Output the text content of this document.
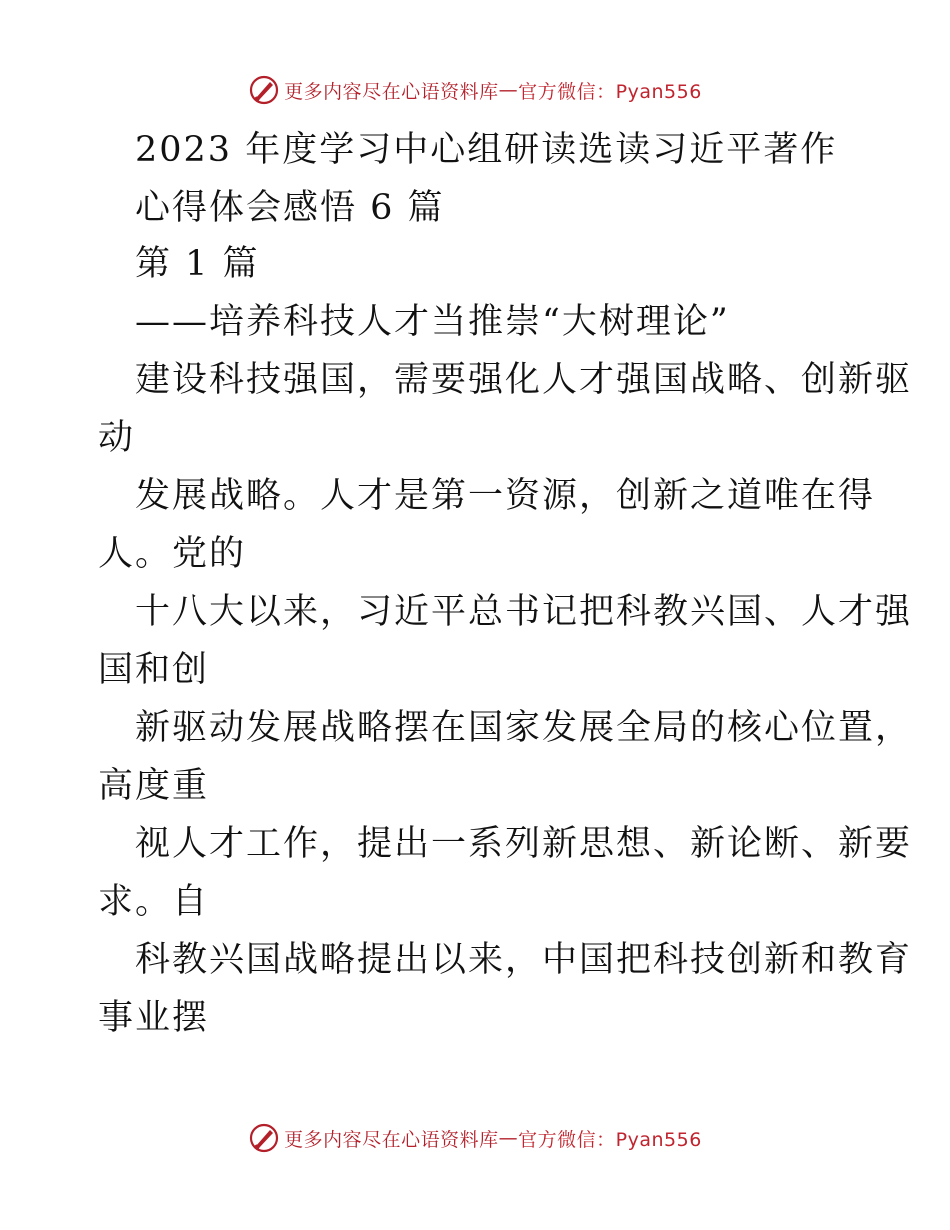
更多内容尽在心语资料库 — 官方微信：Pyan556
2023 年度学习中心组研读选读习近平著作
心得体会感悟 6 篇
第 1 篇
——培养科技人才当推崇“大树理论”
建设科技强国，需要强化人才强国战略、创新驱
动
发展战略。人才是第一资源，创新之道唯在得
人。党的
十八大以来，习近平总书记把科教兴国、人才强
国和创
新驱动发展战略摆在国家发展全局的核心位置，
高度重
视人才工作，提出一系列新思想、新论断、新要
求。自
科教兴国战略提出以来，中国把科技创新和教育
事业摆
更多内容尽在心语资料库 — 官方微信：Pyan556
